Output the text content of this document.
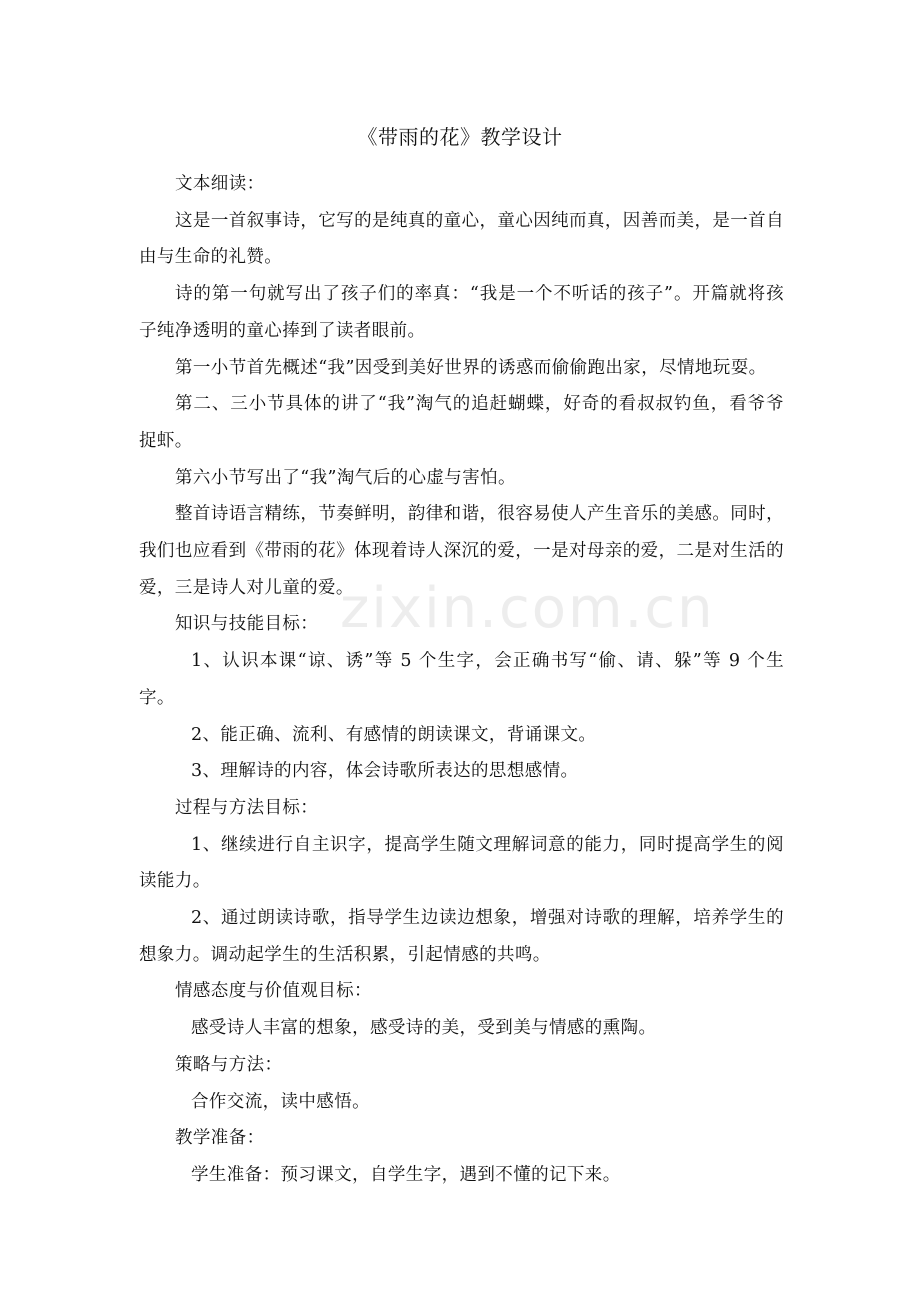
《带雨的花》教学设计

文本细读：

这是一首叙事诗，它写的是纯真的童心，童心因纯而真，因善而美，是一首自由与生命的礼赞。

诗的第一句就写出了孩子们的率真：“我是一个不听话的孩子”。开篇就将孩子纯净透明的童心捧到了读者眼前。

第一小节首先概述“我”因受到美好世界的诱惑而偷偷跑出家，尽情地玩耍。

第二、三小节具体的讲了“我”淘气的追赶蝴蝶，好奇的看叔叔钓鱼，看爷爷捉虾。

第六小节写出了“我”淘气后的心虚与害怕。

整首诗语言精练，节奏鲜明，韵律和谐，很容易使人产生音乐的美感。同时，我们也应看到《带雨的花》体现着诗人深沉的爱，一是对母亲的爱，二是对生活的爱，三是诗人对儿童的爱。

知识与技能目标：

1、认识本课“谅、诱”等 5 个生字，会正确书写“偷、请、躲”等 9 个生字。

2、能正确、流利、有感情的朗读课文，背诵课文。

3、理解诗的内容，体会诗歌所表达的思想感情。

过程与方法目标：

1、继续进行自主识字，提高学生随文理解词意的能力，同时提高学生的阅读能力。

2、通过朗读诗歌，指导学生边读边想象，增强对诗歌的理解，培养学生的想象力。调动起学生的生活积累，引起情感的共鸣。

情感态度与价值观目标：

感受诗人丰富的想象，感受诗的美，受到美与情感的熏陶。

策略与方法：

合作交流，读中感悟。

教学准备：

学生准备：预习课文，自学生字，遇到不懂的记下来。

zixin.com.cn
